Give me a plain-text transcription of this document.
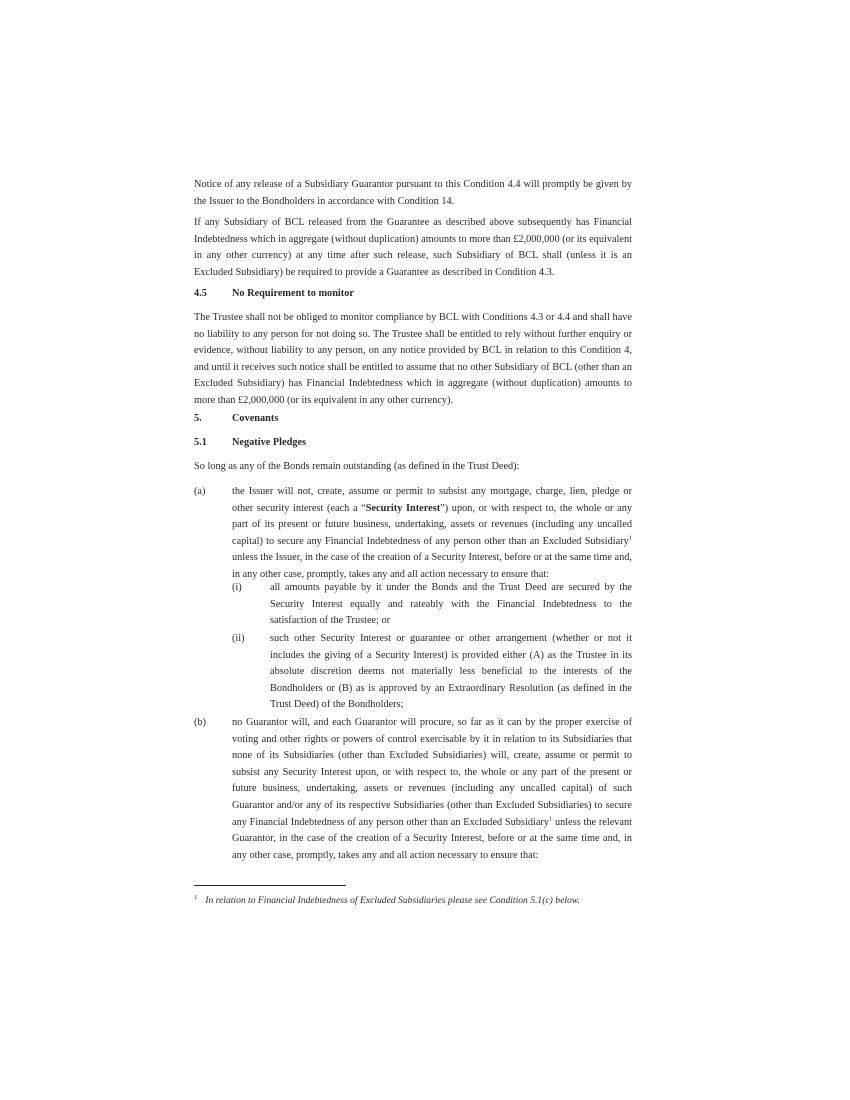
Notice of any release of a Subsidiary Guarantor pursuant to this Condition 4.4 will promptly be given by the Issuer to the Bondholders in accordance with Condition 14.

If any Subsidiary of BCL released from the Guarantee as described above subsequently has Financial Indebtedness which in aggregate (without duplication) amounts to more than £2,000,000 (or its equivalent in any other currency) at any time after such release, such Subsidiary of BCL shall (unless it is an Excluded Subsidiary) be required to provide a Guarantee as described in Condition 4.3.

4.5 No Requirement to monitor

The Trustee shall not be obliged to monitor compliance by BCL with Conditions 4.3 or 4.4 and shall have no liability to any person for not doing so. The Trustee shall be entitled to rely without further enquiry or evidence, without liability to any person, on any notice provided by BCL in relation to this Condition 4, and until it receives such notice shall be entitled to assume that no other Subsidiary of BCL (other than an Excluded Subsidiary) has Financial Indebtedness which in aggregate (without duplication) amounts to more than £2,000,000 (or its equivalent in any other currency).

5.	Covenants
5.1 Negative Pledges

So long as any of the Bonds remain outstanding (as defined in the Trust Deed):

(a)	the Issuer will not, create, assume or permit to subsist any mortgage, charge, lien, pledge or other security interest (each a “Security Interest”) upon, or with respect to, the whole or any part of its present or future business, undertaking, assets or revenues (including any uncalled capital) to secure any Financial Indebtedness of any person other than an Excluded Subsidiary$^1$ unless the Issuer, in the case of the creation of a Security Interest, before or at the same time and, in any other case, promptly, takes any and all action necessary to ensure that:
(i)	all amounts payable by it under the Bonds and the Trust Deed are secured by the Security Interest equally and rateably with the Financial Indebtedness to the satisfaction of the Trustee; or
(ii) such other Security Interest or guarantee or other arrangement (whether or not it includes the giving of a Security Interest) is provided either (A) as the Trustee in its absolute discretion deems not materially less beneficial to the interests of the Bondholders or (B) as is approved by an Extraordinary Resolution (as defined in the Trust Deed) of the Bondholders;
(b)	no Guarantor will, and each Guarantor will procure, so far as it can by the proper exercise of voting and other rights or powers of control exercisable by it in relation to its Subsidiaries that none of its Subsidiaries (other than Excluded Subsidiaries) will, create, assume or permit to subsist any Security Interest upon, or with respect to, the whole or any part of the present or future business, undertaking, assets or revenues (including any uncalled capital) of such Guarantor and/or any of its respective Subsidiaries (other than Excluded Subsidiaries) to secure any Financial Indebtedness of any person other than an Excluded Subsidiary$^1$ unless the relevant Guarantor, in the case of the creation of a Security Interest, before or at the same time and, in any other case, promptly, takes any and all action necessary to ensure that:
$^1$ In relation to Financial Indebtedness of Excluded Subsidiaries please see Condition 5.1(c) below.
